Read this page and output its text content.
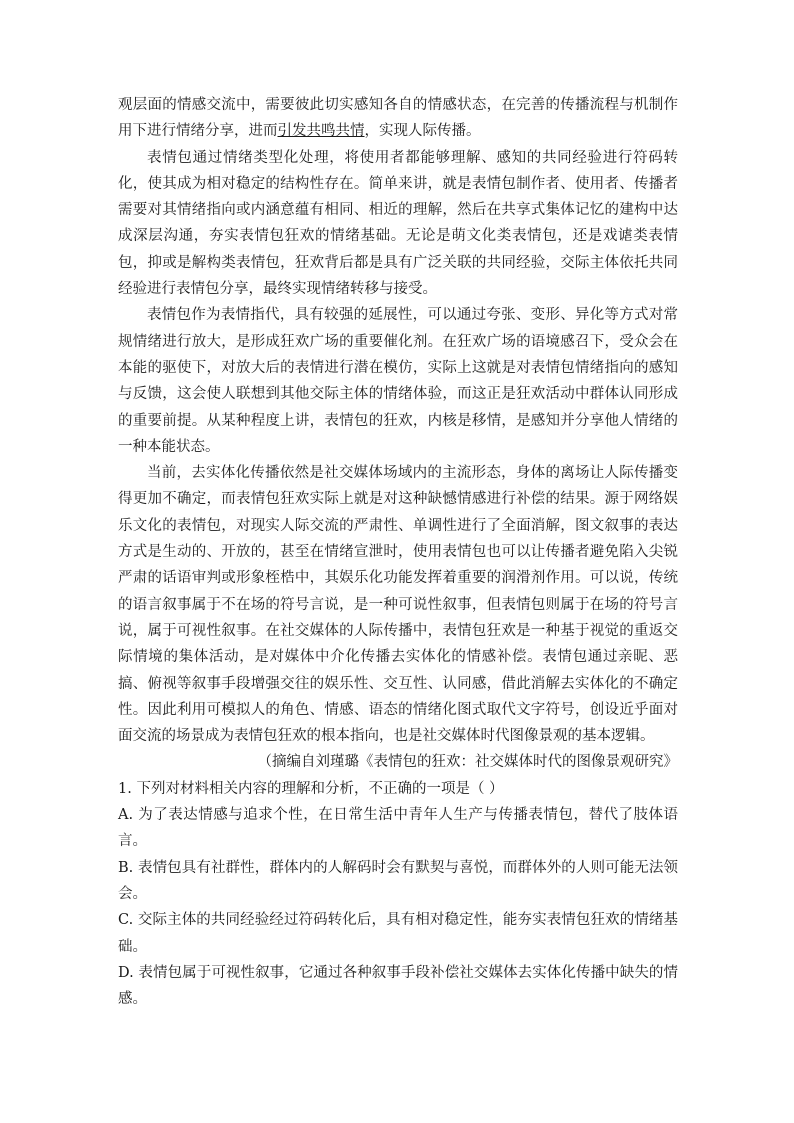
观层面的情感交流中，需要彼此切实感知各自的情感状态，在完善的传播流程与机制作用下进行情绪分享，进而引发共鸣共情，实现人际传播。

表情包通过情绪类型化处理，将使用者都能够理解、感知的共同经验进行符码转化，使其成为相对稳定的结构性存在。简单来讲，就是表情包制作者、使用者、传播者需要对其情绪指向或内涵意蕴有相同、相近的理解，然后在共享式集体记忆的建构中达成深层沟通，夯实表情包狂欢的情绪基础。无论是萌文化类表情包，还是戏谑类表情包，抑或是解构类表情包，狂欢背后都是具有广泛关联的共同经验，交际主体依托共同经验进行表情包分享，最终实现情绪转移与接受。

表情包作为表情指代，具有较强的延展性，可以通过夸张、变形、异化等方式对常规情绪进行放大，是形成狂欢广场的重要催化剂。在狂欢广场的语境感召下，受众会在本能的驱使下，对放大后的表情进行潜在模仿，实际上这就是对表情包情绪指向的感知与反馈，这会使人联想到其他交际主体的情绪体验，而这正是狂欢活动中群体认同形成的重要前提。从某种程度上讲，表情包的狂欢，内核是移情，是感知并分享他人情绪的一种本能状态。

当前，去实体化传播依然是社交媒体场域内的主流形态，身体的离场让人际传播变得更加不确定，而表情包狂欢实际上就是对这种缺憾情感进行补偿的结果。源于网络娱乐文化的表情包，对现实人际交流的严肃性、单调性进行了全面消解，图文叙事的表达方式是生动的、开放的，甚至在情绪宣泄时，使用表情包也可以让传播者避免陷入尖锐严肃的话语审判或形象桎梏中，其娱乐化功能发挥着重要的润滑剂作用。可以说，传统的语言叙事属于不在场的符号言说，是一种可说性叙事，但表情包则属于在场的符号言说，属于可视性叙事。在社交媒体的人际传播中，表情包狂欢是一种基于视觉的重返交际情境的集体活动，是对媒体中介化传播去实体化的情感补偿。表情包通过亲昵、恶搞、俯视等叙事手段增强交往的娱乐性、交互性、认同感，借此消解去实体化的不确定性。因此利用可模拟人的角色、情感、语态的情绪化图式取代文字符号，创设近乎面对面交流的场景成为表情包狂欢的根本指向，也是社交媒体时代图像景观的基本逻辑。

（摘编自刘瑾璐《表情包的狂欢：社交媒体时代的图像景观研究》

1. 下列对材料相关内容的理解和分析，不正确的一项是（ ）

A. 为了表达情感与追求个性，在日常生活中青年人生产与传播表情包，替代了肢体语言。

B. 表情包具有社群性，群体内的人解码时会有默契与喜悦，而群体外的人则可能无法领会。

C. 交际主体的共同经验经过符码转化后，具有相对稳定性，能夯实表情包狂欢的情绪基础。

D. 表情包属于可视性叙事，它通过各种叙事手段补偿社交媒体去实体化传播中缺失的情感。
